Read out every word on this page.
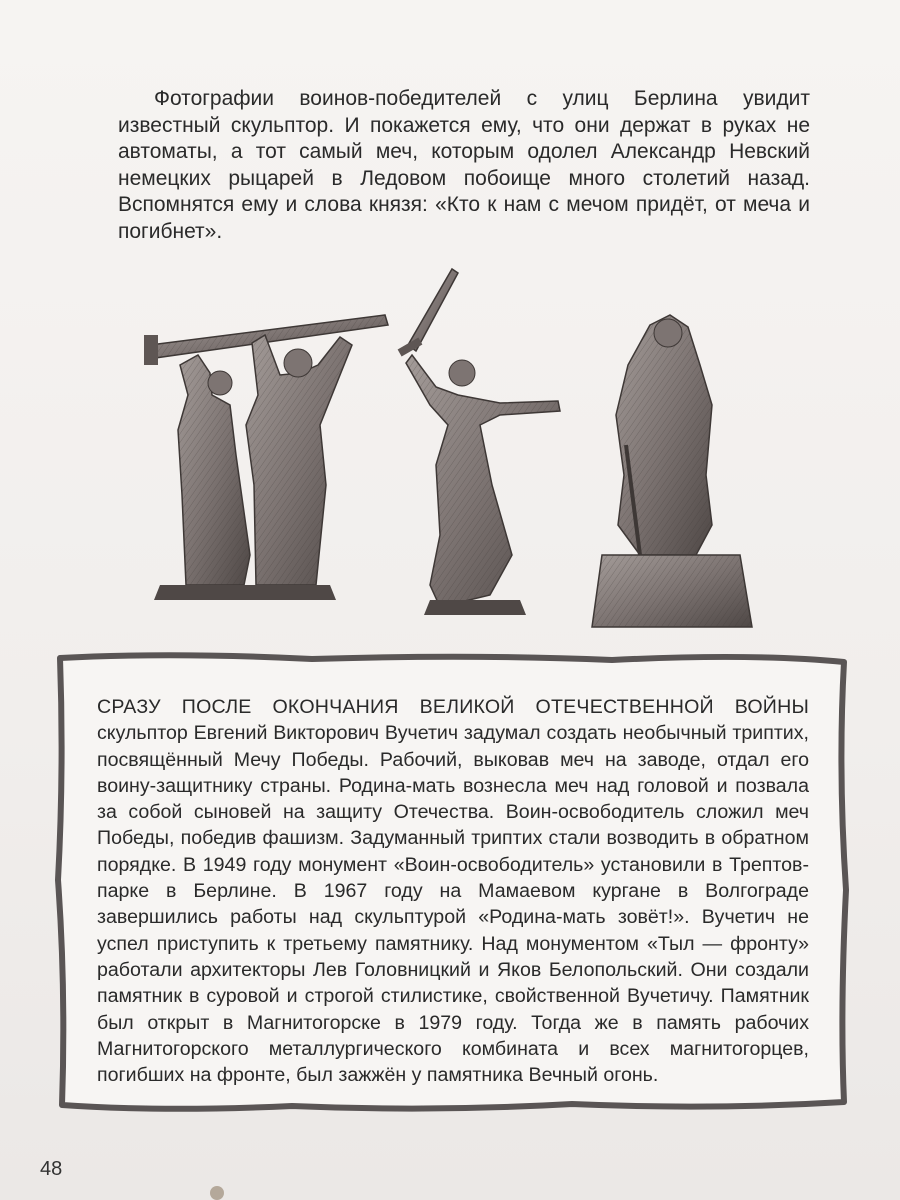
Фотографии воинов-победителей с улиц Берлина увидит известный скульптор. И покажется ему, что они держат в руках не автоматы, а тот самый меч, которым одолел Александр Невский немецких рыцарей в Ледовом побоище много столетий назад. Вспомнятся ему и слова князя: «Кто к нам с мечом придёт, от меча и погибнет».

СРАЗУ ПОСЛЕ ОКОНЧАНИЯ ВЕЛИКОЙ ОТЕЧЕСТВЕННОЙ ВОЙНЫ скульптор Евгений Викторович Вучетич задумал создать необычный триптих, посвящённый Мечу Победы. Рабочий, выковав меч на заводе, отдал его воину-защитнику страны. Родина-мать вознесла меч над головой и позвала за собой сыновей на защиту Отечества. Воин-освободитель сложил меч Победы, победив фашизм. Задуманный триптих стали возводить в обратном порядке. В 1949 году монумент «Воин-освободитель» установили в Трептов-парке в Берлине. В 1967 году на Мамаевом кургане в Волгограде завершились работы над скульптурой «Родина-мать зовёт!». Вучетич не успел приступить к третьему памятнику. Над монументом «Тыл — фронту» работали архитекторы Лев Головницкий и Яков Белопольский. Они создали памятник в суровой и строгой стилистике, свойственной Вучетичу. Памятник был открыт в Магнитогорске в 1979 году. Тогда же в память рабочих Магнитогорского металлургического комбината и всех магнитогорцев, погибших на фронте, был зажжён у памятника Вечный огонь.

48
